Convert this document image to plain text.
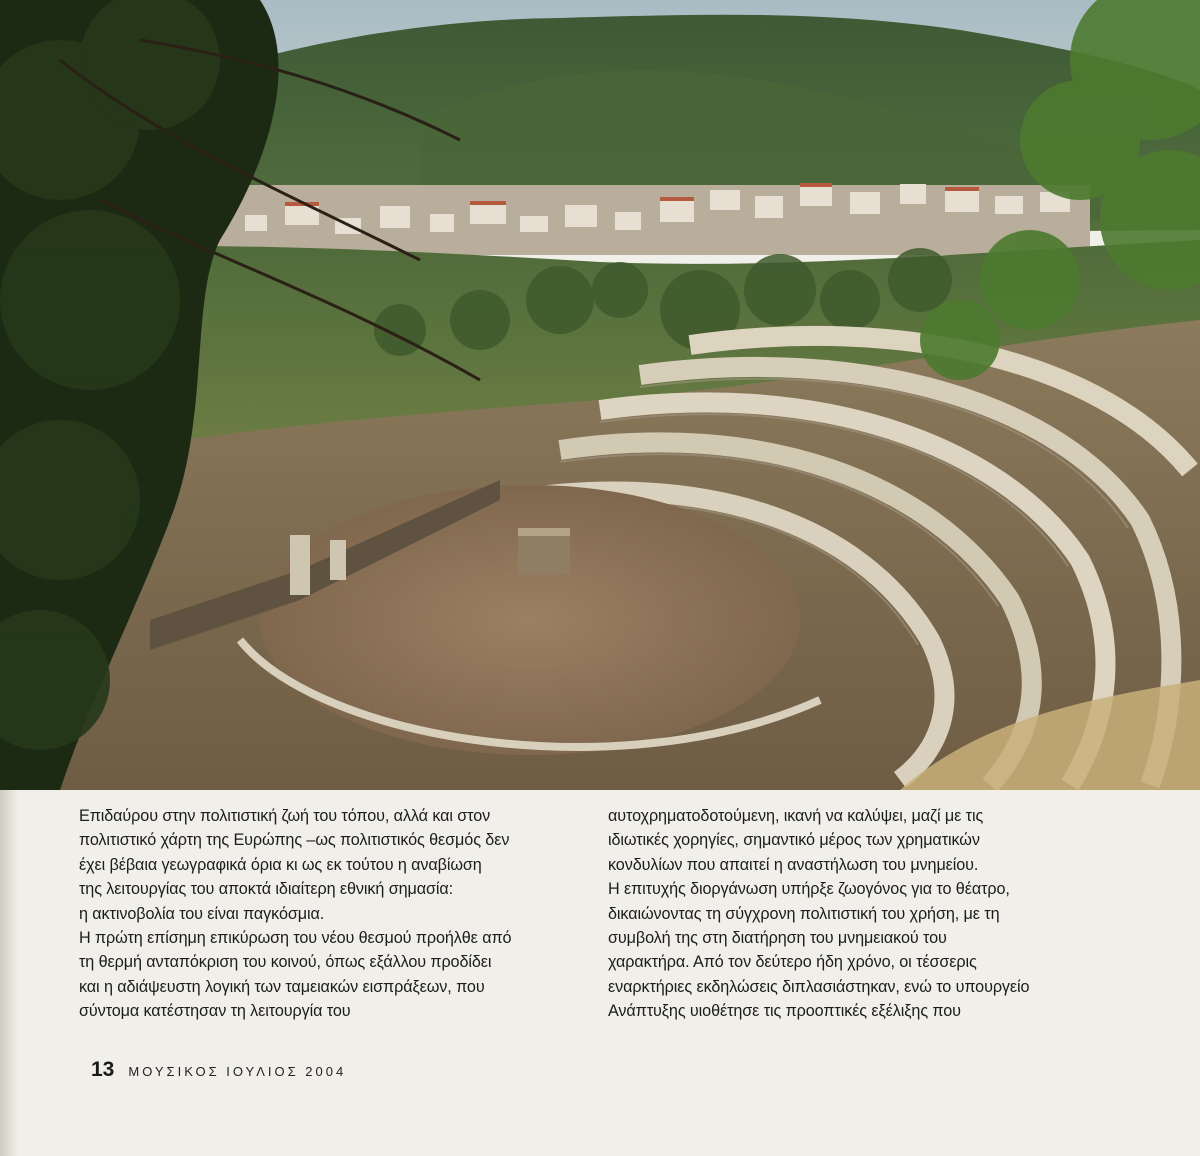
Επιδαύρου στην πολιτιστική ζωή του τόπου, αλλά και στον

πολιτιστικό χάρτη της Ευρώπης –ως πολιτιστικός θεσμός δεν

έχει βέβαια γεωγραφικά όρια κι ως εκ τούτου η αναβίωση

της λειτουργίας του αποκτά ιδιαίτερη εθνική σημασία:

η ακτινοβολία του είναι παγκόσμια.

Η πρώτη επίσημη επικύρωση του νέου θεσμού προήλθε από

τη θερμή ανταπόκριση του κοινού, όπως εξάλλου προδίδει

και η αδιάψευστη λογική των ταμειακών εισπράξεων, που

σύντομα κατέστησαν τη λειτουργία του

αυτοχρηματοδοτούμενη, ικανή να καλύψει, μαζί με τις

ιδιωτικές χορηγίες, σημαντικό μέρος των χρηματικών

κονδυλίων που απαιτεί η αναστήλωση του μνημείου.

Η επιτυχής διοργάνωση υπήρξε ζωογόνος για το θέατρο,

δικαιώνοντας τη σύγχρονη πολιτιστική του χρήση, με τη

συμβολή της στη διατήρηση του μνημειακού του

χαρακτήρα. Από τον δεύτερο ήδη χρόνο, οι τέσσερις

εναρκτήριες εκδηλώσεις διπλασιάστηκαν, ενώ το υπουργείο

Ανάπτυξης υιοθέτησε τις προοπτικές εξέλιξης που

13 ΜΟΥΣΙΚΟΣ ΙΟΥΛΙΟΣ 2004
